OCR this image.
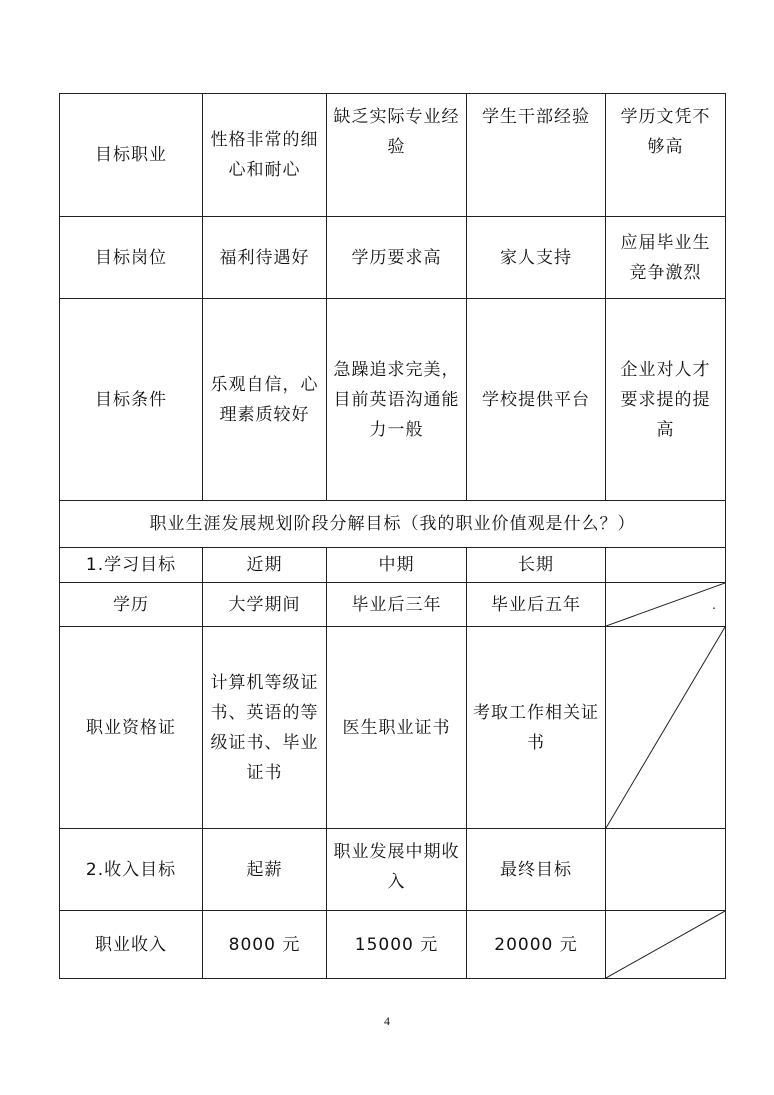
目标职业	性格非常的细心和耐心	缺乏实际专业经验	学生干部经验	学历文凭不够高
目标岗位	福利待遇好	学历要求高	家人支持	应届毕业生竞争激烈
目标条件	乐观自信，心理素质较好	急躁追求完美，目前英语沟通能力一般	学校提供平台	企业对人才要求提的提高
职业生涯发展规划阶段分解目标（我的职业价值观是什么？）				
1.学习目标	近期	中期	长期	
学历	大学期间	毕业后三年	毕业后五年	.

职业资格证	计算机等级证书、英语的等级证书、毕业证书	医生职业证书	考取工作相关证书	

2.收入目标	起薪	职业发展中期收入	最终目标	
职业收入	8000 元	15000 元	20000 元	
4
